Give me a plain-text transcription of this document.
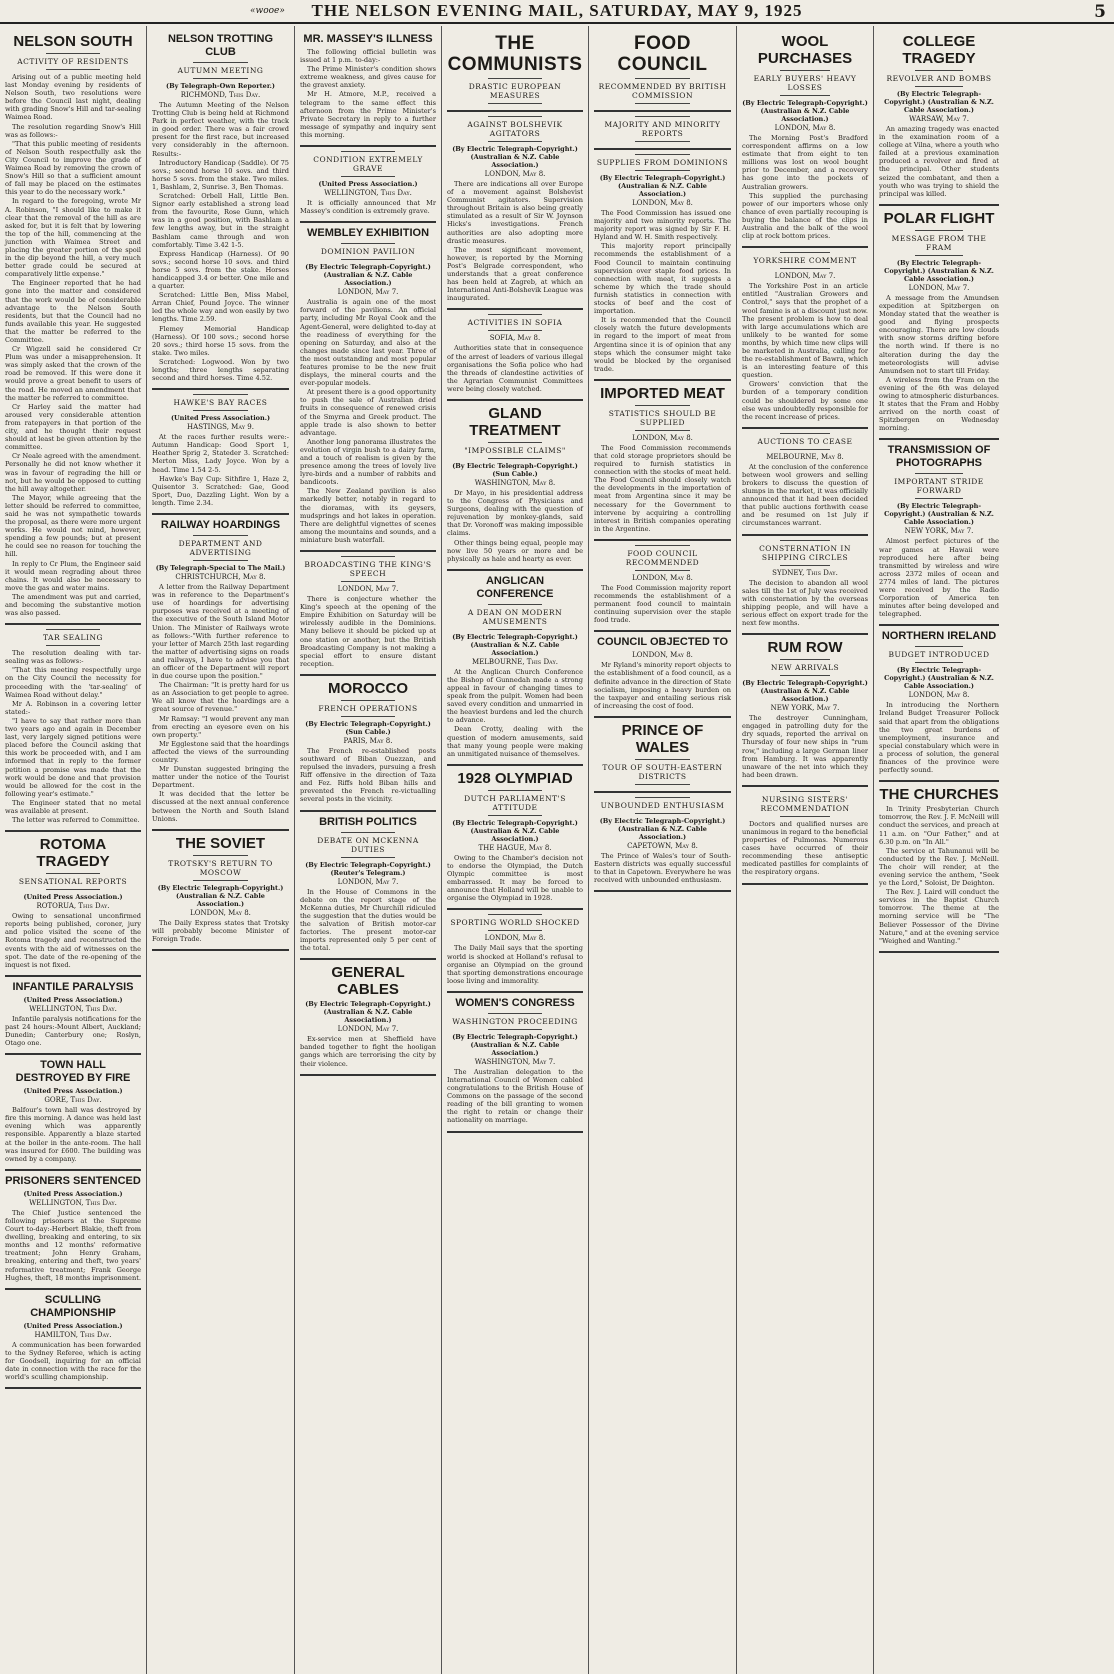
«wooe» THE NELSON EVENING MAIL, SATURDAY, MAY 9, 1925	5
NELSON SOUTH
ACTIVITY OF RESIDENTS

Arising out of a public meeting held last Monday evening by residents of Nelson South, two resolutions were before the Council last night, dealing with grading Snow's Hill and tar-sealing Waimea Road.

The resolution regarding Snow's Hill was as follows:-

"That this public meeting of residents of Nelson South respectfully ask the City Council to improve the grade of Waimea Road by removing the crown of Snow's Hill so that a sufficient amount of fall may be placed on the estimates this year to do the necessary work."

In regard to the foregoing, wrote Mr A. Robinson, "I should like to make it clear that the removal of the hill as are asked for, but it is felt that by lowering the top of the hill, commencing at the junction with Waimea Street and placing the greater portion of the spoil in the dip beyond the hill, a very much better grade could be secured at comparatively little expense."

The Engineer reported that he had gone into the matter and considered that the work would be of considerable advantage to the Nelson South residents, but that the Council had no funds available this year. He suggested that the matter be referred to the Committee.

Cr Wigzell said he considered Cr Plum was under a misapprehension. It was simply asked that the crown of the road be removed. If this were done it would prove a great benefit to users of the road. He moved an amendment that the matter be referred to committee.

Cr Harley said the matter had aroused very considerable attention from ratepayers in that portion of the city, and he thought their request should at least be given attention by the committee.

Cr Neale agreed with the amendment. Personally he did not know whether it was in favour of regrading the hill or not, but he would be opposed to cutting the hill away altogether.

The Mayor, while agreeing that the letter should be referred to committee, said he was not sympathetic towards the proposal, as there were more urgent works. He would not mind, however, spending a few pounds; but at present he could see no reason for touching the hill.

In reply to Cr Plum, the Engineer said it would mean regrading about three chains. It would also be necessary to move the gas and water mains.

The amendment was put and carried, and becoming the substantive motion was also passed.

TAR SEALING

The resolution dealing with tar-sealing was as follows:-

"That this meeting respectfully urge on the City Council the necessity for proceeding with the 'tar-sealing' of Waimea Road without delay."

Mr A. Robinson in a covering letter stated:-

"I have to say that rather more than two years ago and again in December last, very largely signed petitions were placed before the Council asking that this work be proceeded with, and I am informed that in reply to the former petition a promise was made that the work would be done and that provision would be allowed for the cost in the following year's estimate."

The Engineer stated that no metal was available at present.

The letter was referred to Committee.

ROTOMA TRAGEDY
SENSATIONAL REPORTS
(United Press Association.)
ROTORUA, This Day.

Owing to sensational unconfirmed reports being published, coroner, jury and police visited the scene of the Rotoma tragedy and reconstructed the events with the aid of witnesses on the spot. The date of the re-opening of the inquest is not fixed.

INFANTILE PARALYSIS
(United Press Association.)
WELLINGTON, This Day.

Infantile paralysis notifications for the past 24 hours:-Mount Albert, Auckland; Dunedin; Canterbury one; Roslyn, Otago one.

TOWN HALL DESTROYED BY FIRE
(United Press Association.)
GORE, This Day.

Balfour's town hall was destroyed by fire this morning. A dance was held last evening which was apparently responsible. Apparently a blaze started at the boiler in the ante-room. The hall was insured for £600. The building was owned by a company.

PRISONERS SENTENCED
(United Press Association.)
WELLINGTON, This Day.

The Chief Justice sentenced the following prisoners at the Supreme Court to-day:-Herbert Blakie, theft from dwelling, breaking and entering, to six months and 12 months' reformative treatment; John Henry Graham, breaking, entering and theft, two years' reformative treatment; Frank George Hughes, theft, 18 months imprisonment.

SCULLING CHAMPIONSHIP
(United Press Association.)
HAMILTON, This Day.

A communication has been forwarded to the Sydney Referee, which is acting for Goodsell, inquiring for an official date in connection with the race for the world's sculling championship.

NELSON TROTTING CLUB
AUTUMN MEETING
(By Telegraph-Own Reporter.)
RICHMOND, This Day.

The Autumn Meeting of the Nelson Trotting Club is being held at Richmond Park in perfect weather, with the track in good order. There was a fair crowd present for the first race, but increased very considerably in the afternoon. Results:-

Introductory Handicap (Saddle). Of 75 sovs.; second horse 10 sovs. and third horse 5 sovs. from the stake. Two miles. 1, Bashlam, 2, Sunrise. 3, Ben Thomas.

Scratched: Orbell Hall, Little Ben. Signor early established a strong lead from the favourite, Rose Gunn, which was in a good position, with Bashlam a few lengths away, but in the straight Bashlam came through and won comfortably. Time 3.42 1-5.

Express Handicap (Harness). Of 90 sovs.; second horse 10 sovs. and third horse 5 sovs. from the stake. Horses handicapped 3.4 or better. One mile and a quarter.

Scratched: Little Ben, Miss Mabel, Arran Chief, Pound Joyce. The winner led the whole way and won easily by two lengths. Time 2.59.

Flemey Memorial Handicap (Harness). Of 100 sovs.; second horse 20 sovs.; third horse 15 sovs. from the stake. Two miles.

Scratched: Logwood. Won by two lengths; three lengths separating second and third horses. Time 4.52.

HAWKE'S BAY RACES
(United Press Association.)
HASTINGS, May 9.

At the races further results were:-Autumn Handicap: Good Sport 1, Heather Sprig 2, Stateder 3. Scratched: Merton Miss, Lady Joyce. Won by a head. Time 1.54 2-5.

Hawke's Bay Cup: Sithfire 1, Haze 2, Quisentor 3. Scratched: Gae, Good Sport, Duo, Dazzling Light. Won by a length. Time 2.34.

RAILWAY HOARDINGS
DEPARTMENT AND ADVERTISING
(By Telegraph-Special to The Mail.)
CHRISTCHURCH, May 8.

A letter from the Railway Department was in reference to the Department's use of hoardings for advertising purposes was received at a meeting of the executive of the South Island Motor Union. The Minister of Railways wrote as follows:-"With further reference to your letter of March 25th last regarding the matter of advertising signs on roads and railways, I have to advise you that an officer of the Department will report in due course upon the position."

The Chairman: "It is pretty hard for us as an Association to get people to agree. We all know that the hoardings are a great source of revenue."

Mr Ramsay: "I would prevent any man from erecting an eyesore even on his own property."

Mr Egglestone said that the hoardings affected the views of the surrounding country.

Mr Dunstan suggested bringing the matter under the notice of the Tourist Department.

It was decided that the letter be discussed at the next annual conference between the North and South Island Unions.

THE SOVIET
TROTSKY'S RETURN TO MOSCOW
(By Electric Telegraph-Copyright.) (Australian & N.Z. Cable Association.)
LONDON, May 8.

The Daily Express states that Trotsky will probably become Minister of Foreign Trade.

MR. MASSEY'S ILLNESS

The following official bulletin was issued at 1 p.m. to-day:-

The Prime Minister's condition shows extreme weakness, and gives cause for the gravest anxiety.

Mr H. Atmore, M.P., received a telegram to the same effect this afternoon from the Prime Minister's Private Secretary in reply to a further message of sympathy and inquiry sent this morning.

CONDITION EXTREMELY GRAVE
(United Press Association.)
WELLINGTON, This Day.

It is officially announced that Mr Massey's condition is extremely grave.

WEMBLEY EXHIBITION
DOMINION PAVILION
(By Electric Telegraph-Copyright.) (Australian & N.Z. Cable Association.)
LONDON, May 7.

Australia is again one of the most forward of the pavilions. An official party, including Mr Royal Cook and the Agent-General, were delighted to-day at the readiness of everything for the opening on Saturday, and also at the changes made since last year. Three of the most outstanding and most popular features promise to be the new fruit displays, the mineral courts and the ever-popular models.

At present there is a good opportunity to push the sale of Australian dried fruits in consequence of renewed crisis of the Smyrna and Greek product. The apple trade is also shown to better advantage.

Another long panorama illustrates the evolution of virgin bush to a dairy farm, and a touch of realism is given by the presence among the trees of lovely live lyre-birds and a number of rabbits and bandicoots.

The New Zealand pavilion is also markedly better, notably in regard to the dioramas, with its geysers, mudsprings and hot lakes in operation. There are delightful vignettes of scenes among the mountains and sounds, and a miniature bush waterfall.

BROADCASTING THE KING'S SPEECH
LONDON, May 7.

There is conjecture whether the King's speech at the opening of the Empire Exhibition on Saturday will be wirelessly audible in the Dominions. Many believe it should be picked up at one station or another, but the British Broadcasting Company is not making a special effort to ensure distant reception.

MOROCCO
FRENCH OPERATIONS
(By Electric Telegraph-Copyright.) (Sun Cable.)
PARIS, May 8.

The French re-established posts southward of Biban Ouezzan, and repulsed the invaders, pursuing a fresh Riff offensive in the direction of Taza and Fez. Riffs hold Biban hills and prevented the French re-victualling several posts in the vicinity.

BRITISH POLITICS
DEBATE ON MCKENNA DUTIES
(By Electric Telegraph-Copyright.) (Reuter's Telegram.)
LONDON, May 7.

In the House of Commons in the debate on the report stage of the McKenna duties, Mr Churchill ridiculed the suggestion that the duties would be the salvation of British motor-car factories. The present motor-car imports represented only 5 per cent of the total.

GENERAL CABLES
(By Electric Telegraph-Copyright.) (Australian & N.Z. Cable Association.)
LONDON, May 7.

Ex-service men at Sheffield have banded together to fight the hooligan gangs which are terrorising the city by their violence.

THE COMMUNISTS
DRASTIC EUROPEAN MEASURES
AGAINST BOLSHEVIK AGITATORS
(By Electric Telegraph-Copyright.) (Australian & N.Z. Cable Association.)
LONDON, May 8.

There are indications all over Europe of a movement against Bolshevist Communist agitators. Supervision throughout Britain is also being greatly stimulated as a result of Sir W. Joynson Hicks's investigations. French authorities are also adopting more drastic measures.

The most significant movement, however, is reported by the Morning Post's Belgrade correspondent, who understands that a great conference has been held at Zagreb, at which an International Anti-Bolshevik League was inaugurated.

ACTIVITIES IN SOFIA
SOFIA, May 8.

Authorities state that in consequence of the arrest of leaders of various illegal organisations the Sofia police who had the threads of clandestine activities of the Agrarian Communist Committees were being closely watched.

GLAND TREATMENT
"IMPOSSIBLE CLAIMS"
(By Electric Telegraph-Copyright.) (Sun Cable.)
WASHINGTON, May 8.

Dr Mayo, in his presidential address to the Congress of Physicians and Surgeons, dealing with the question of rejuvenation by monkey-glands, said that Dr. Voronoff was making impossible claims.

Other things being equal, people may now live 50 years or more and be physically as hale and hearty as ever.

ANGLICAN CONFERENCE
A DEAN ON MODERN AMUSEMENTS
(By Electric Telegraph-Copyright.) (Australian & N.Z. Cable Association.)
MELBOURNE, This Day.

At the Anglican Church Conference the Bishop of Gunnedah made a strong appeal in favour of changing times to speak from the pulpit. Women had been saved every condition and unmarried in the heaviest burdens and led the church to advance.

Dean Crotty, dealing with the question of modern amusements, said that many young people were making an unmitigated nuisance of themselves.

1928 OLYMPIAD
DUTCH PARLIAMENT'S ATTITUDE
(By Electric Telegraph-Copyright.) (Australian & N.Z. Cable Association.)
THE HAGUE, May 8.

Owing to the Chamber's decision not to endorse the Olympiad, the Dutch Olympic committee is most embarrassed. It may be forced to announce that Holland will be unable to organise the Olympiad in 1928.

SPORTING WORLD SHOCKED
LONDON, May 8.

The Daily Mail says that the sporting world is shocked at Holland's refusal to organise an Olympiad on the ground that sporting demonstrations encourage loose living and immorality.

WOMEN'S CONGRESS
WASHINGTON PROCEEDING
(By Electric Telegraph-Copyright.) (Australian & N.Z. Cable Association.)
WASHINGTON, May 7.

The Australian delegation to the International Council of Women cabled congratulations to the British House of Commons on the passage of the second reading of the bill granting to women the right to retain or change their nationality on marriage.

FOOD COUNCIL
RECOMMENDED BY BRITISH COMMISSION
MAJORITY AND MINORITY REPORTS
SUPPLIES FROM DOMINIONS
(By Electric Telegraph-Copyright.) (Australian & N.Z. Cable Association.)
LONDON, May 8.

The Food Commission has issued one majority and two minority reports. The majority report was signed by Sir F. H. Hyland and W. H. Smith respectively.

This majority report principally recommends the establishment of a Food Council to maintain continuing supervision over staple food prices. In connection with meat, it suggests a scheme by which the trade should furnish statistics in connection with stocks of beef and the cost of importation.

It is recommended that the Council closely watch the future developments in regard to the import of meat from Argentina since it is of opinion that any steps which the consumer might take would be blocked by the organised trade.

IMPORTED MEAT
STATISTICS SHOULD BE SUPPLIED
LONDON, May 8.

The Food Commission recommends that cold storage proprietors should be required to furnish statistics in connection with the stocks of meat held. The Food Council should closely watch the developments in the importation of meat from Argentina since it may be necessary for the Government to intervene by acquiring a controlling interest in British companies operating in the Argentine.

FOOD COUNCIL RECOMMENDED
LONDON, May 8.

The Food Commission majority report recommends the establishment of a permanent food council to maintain continuing supervision over the staple food trade.

COUNCIL OBJECTED TO
LONDON, May 8.

Mr Ryland's minority report objects to the establishment of a food council, as a definite advance in the direction of State socialism, imposing a heavy burden on the taxpayer and entailing serious risk of increasing the cost of food.

PRINCE OF WALES
TOUR OF SOUTH-EASTERN DISTRICTS
UNBOUNDED ENTHUSIASM
(By Electric Telegraph-Copyright.) (Australian & N.Z. Cable Association.)
CAPETOWN, May 8.

The Prince of Wales's tour of South-Eastern districts was equally successful to that in Capetown. Everywhere he was received with unbounded enthusiasm.

WOOL PURCHASES
EARLY BUYERS' HEAVY LOSSES
(By Electric Telegraph-Copyright.) (Australian & N.Z. Cable Association.)
LONDON, May 8.

The Morning Post's Bradford correspondent affirms on a low estimate that from eight to ten millions was lost on wool bought prior to December, and a recovery has gone into the pockets of Australian growers.

This supplied the purchasing power of our importers whose only chance of even partially recouping is buying the balance of the clips in Australia and the balk of the wool clip at rock bottom prices.

YORKSHIRE COMMENT
LONDON, May 7.

The Yorkshire Post in an article entitled "Australian Growers and Control," says that the prophet of a wool famine is at a discount just now. The present problem is how to deal with large accumulations which are unlikely to be wanted for some months, by which time new clips will be marketed in Australia, calling for the re-establishment of Bawra, which is an interesting feature of this question.

Growers' conviction that the burden of a temporary condition could be shouldered by some one else was undoubtedly responsible for the recent increase of prices.

AUCTIONS TO CEASE
MELBOURNE, May 8.

At the conclusion of the conference between wool growers and selling brokers to discuss the question of slumps in the market, it was officially announced that it had been decided that public auctions forthwith cease and be resumed on 1st July if circumstances warrant.

CONSTERNATION IN SHIPPING CIRCLES
SYDNEY, This Day.

The decision to abandon all wool sales till the 1st of July was received with consternation by the overseas shipping people, and will have a serious effect on export trade for the next few months.

RUM ROW
NEW ARRIVALS
(By Electric Telegraph-Copyright.) (Australian & N.Z. Cable Association.)
NEW YORK, May 7.

The destroyer Cunningham, engaged in patrolling duty for the dry squads, reported the arrival on Thursday of four new ships in "rum row," including a large German liner from Hamburg. It was apparently unaware of the net into which they had been drawn.

NURSING SISTERS' RECOMMENDATION

Doctors and qualified nurses are unanimous in regard to the beneficial properties of Pulmonas. Numerous cases have occurred of their recommending these antiseptic medicated pastilles for complaints of the respiratory organs.

COLLEGE TRAGEDY
REVOLVER AND BOMBS
(By Electric Telegraph-Copyright.) (Australian & N.Z. Cable Association.)
WARSAW, May 7.

An amazing tragedy was enacted in the examination room of a college at Vilna, where a youth who failed at a previous examination produced a revolver and fired at the principal. Other students seized the combatant, and then a youth who was trying to shield the principal was killed.

POLAR FLIGHT
MESSAGE FROM THE FRAM
(By Electric Telegraph-Copyright.) (Australian & N.Z. Cable Association.)
LONDON, May 7.

A message from the Amundsen expedition at Spitzbergen on Monday stated that the weather is good and flying prospects encouraging. There are low clouds with snow storms drifting before the north wind. If there is no alteration during the day the meteorologists will advise Amundsen not to start till Friday.

A wireless from the Fram on the evening of the 6th was delayed owing to atmospheric disturbances. It states that the Fram and Hobby arrived on the north coast of Spitzbergen on Wednesday morning.

TRANSMISSION OF PHOTOGRAPHS
IMPORTANT STRIDE FORWARD
(By Electric Telegraph-Copyright.) (Australian & N.Z. Cable Association.)
NEW YORK, May 7.

Almost perfect pictures of the war games at Hawaii were reproduced here after being transmitted by wireless and wire across 2372 miles of ocean and 2774 miles of land. The pictures were received by the Radio Corporation of America ten minutes after being developed and telegraphed.

NORTHERN IRELAND
BUDGET INTRODUCED
(By Electric Telegraph-Copyright.) (Australian & N.Z. Cable Association.)
LONDON, May 8.

In introducing the Northern Ireland Budget Treasurer Pollock said that apart from the obligations the two great burdens of unemployment, insurance and special constabulary which were in a process of solution, the general finances of the province were perfectly sound.

THE CHURCHES

In Trinity Presbyterian Church tomorrow, the Rev. J. F. McNeill will conduct the services, and preach at 11 a.m. on "Our Father," and at 6.30 p.m. on "In All."

The service at Tahunanui will be conducted by the Rev. J. McNeill. The choir will render, at the evening service the anthem, "Seek ye the Lord," Soloist, Dr Deighton.

The Rev. J. Laird will conduct the services in the Baptist Church tomorrow. The theme at the morning service will be "The Believer Possessor of the Divine Nature," and at the evening service "Weighed and Wanting."
